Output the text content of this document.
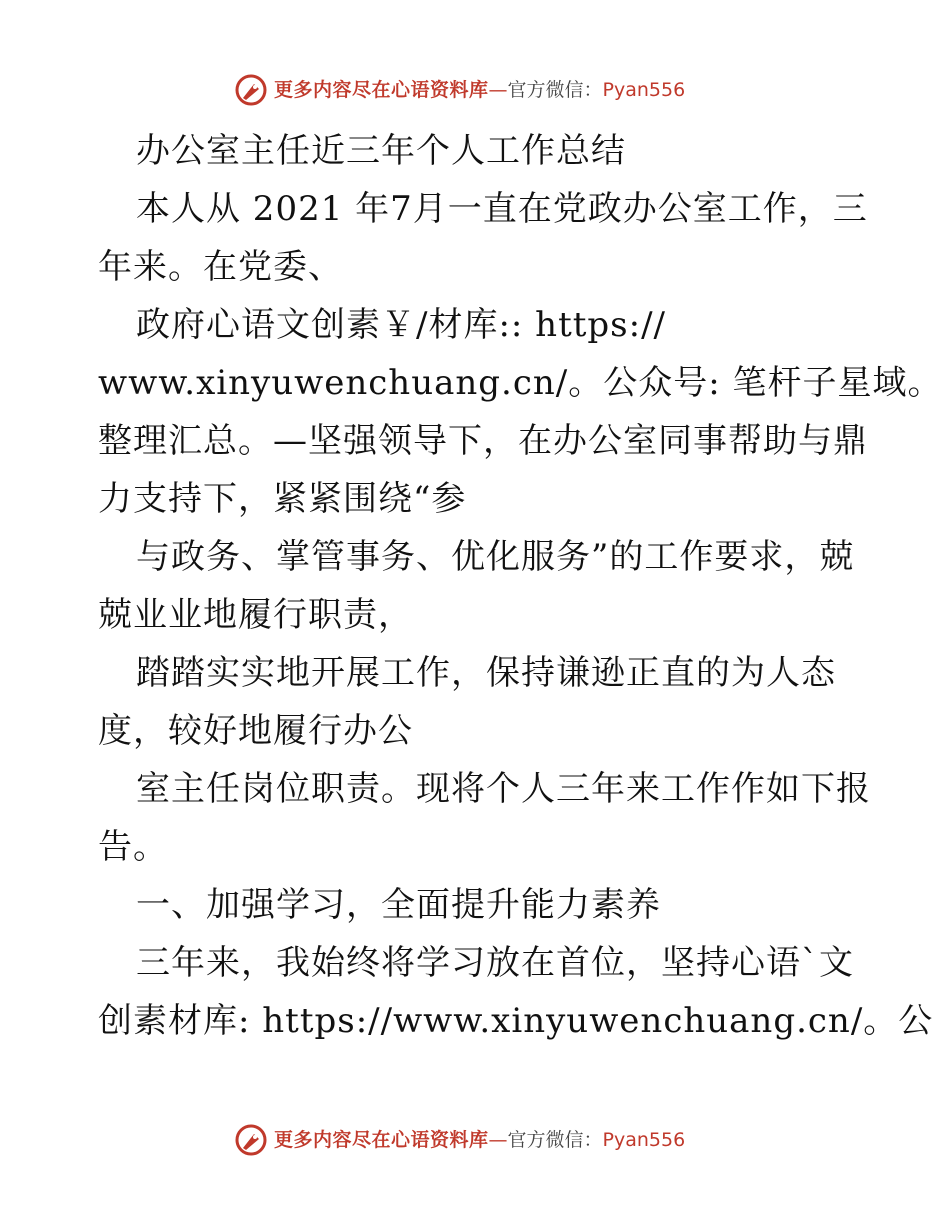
更多内容尽在心语资料库—官方微信：Pyan556
办公室主任近三年个人工作总结
本人从 2021 年7月一直在党政办公室工作，三
年来。在党委、
政府心语文创素￥/材库:: https://
www.xinyuwenchuang.cn/。公众号: 笔杆子星域。
整理汇总。—坚强领导下，在办公室同事帮助与鼎
力支持下，紧紧围绕“参
与政务、掌管事务、优化服务”的工作要求，兢
兢业业地履行职责，
踏踏实实地开展工作，保持谦逊正直的为人态
度，较好地履行办公
室主任岗位职责。现将个人三年来工作作如下报
告。
一、加强学习，全面提升能力素养
三年来，我始终将学习放在首位，坚持心语`文
创素材库: https://www.xinyuwenchuang.cn/。公
更多内容尽在心语资料库—官方微信：Pyan556
